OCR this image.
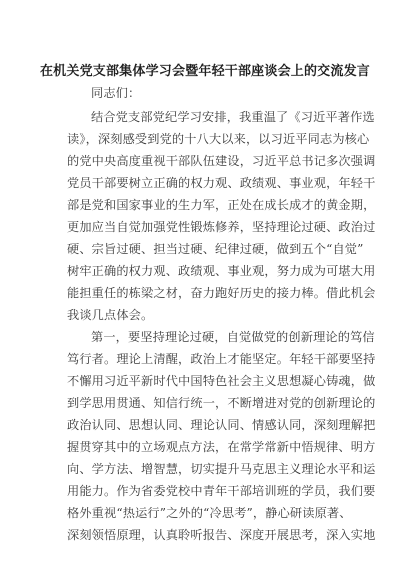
在机关党支部集体学习会暨年轻干部座谈会上的交流发言

同志们：

结合党支部党纪学习安排，我重温了《习近平著作选

读》，深刻感受到党的十八大以来，以习近平同志为核心

的党中央高度重视干部队伍建设，习近平总书记多次强调

党员干部要树立正确的权力观、政绩观、事业观，年轻干

部是党和国家事业的生力军，正处在成长成才的黄金期，

更加应当自觉加强党性锻炼修养，坚持理论过硬、政治过

硬、宗旨过硬、担当过硬、纪律过硬，做到五个“自觉”

树牢正确的权力观、政绩观、事业观，努力成为可堪大用

能担重任的栋梁之材，奋力跑好历史的接力棒。借此机会

我谈几点体会。

第一，要坚持理论过硬，自觉做党的创新理论的笃信

笃行者。理论上清醒，政治上才能坚定。年轻干部要坚持

不懈用习近平新时代中国特色社会主义思想凝心铸魂，做

到学思用贯通、知信行统一，不断增进对党的创新理论的

政治认同、思想认同、理论认同、情感认同，深刻理解把

握贯穿其中的立场观点方法，在常学常新中悟规律、明方

向、学方法、增智慧，切实提升马克思主义理论水平和运

用能力。作为省委党校中青年干部培训班的学员，我们要

格外重视“热运行”之外的“冷思考”，静心研读原著、

深刻领悟原理，认真聆听报告、深度开展思考，深入实地
